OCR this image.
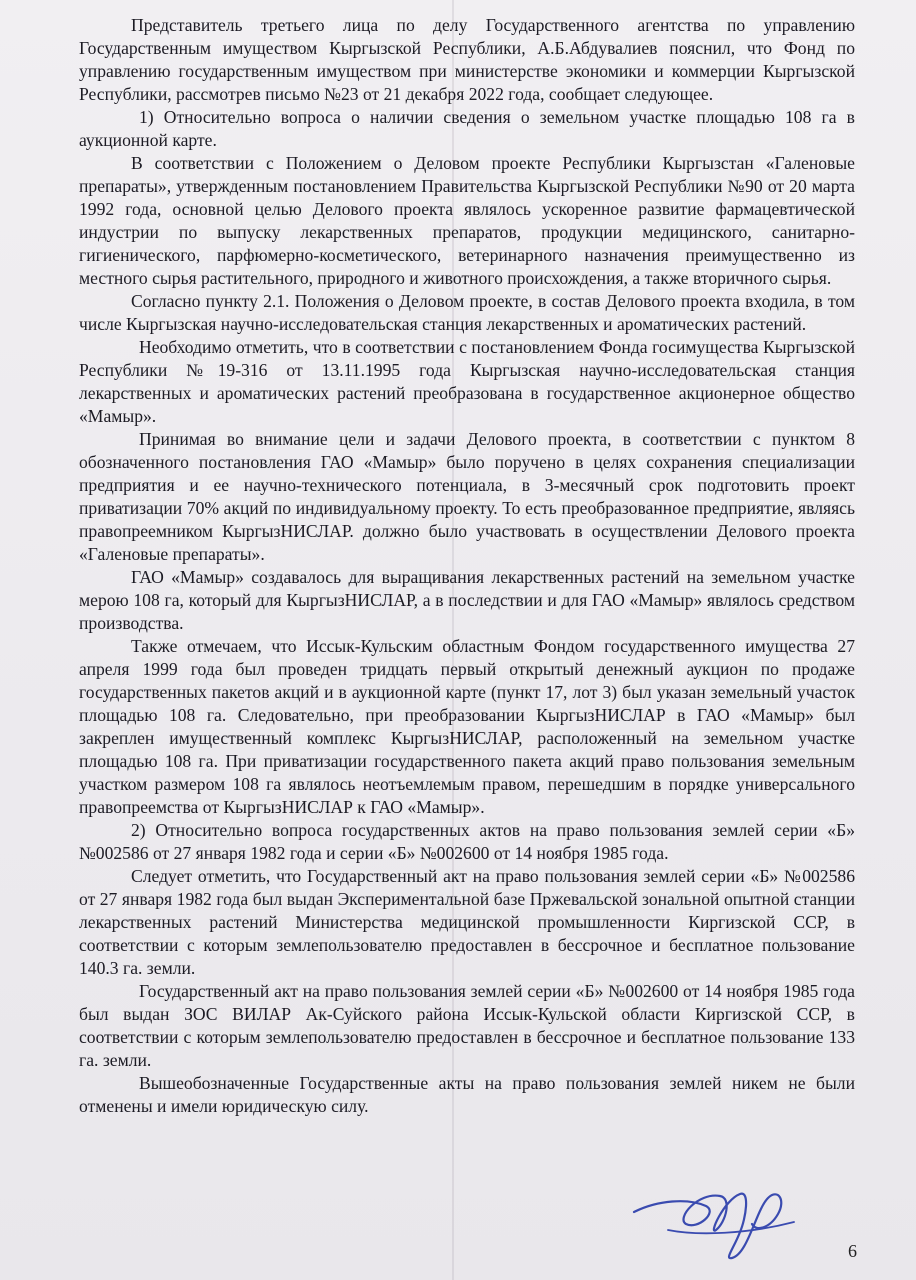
Представитель третьего лица по делу Государственного агентства по управлению Государственным имуществом Кыргызской Республики, А.Б.Абдувалиев пояснил, что Фонд по управлению государственным имуществом при министерстве экономики и коммерции Кыргызской Республики, рассмотрев письмо №23 от 21 декабря 2022 года, сообщает следующее.

1) Относительно вопроса о наличии сведения о земельном участке площадью 108 га в аукционной карте.

В соответствии с Положением о Деловом проекте Республики Кыргызстан «Галеновые препараты», утвержденным постановлением Правительства Кыргызской Республики №90 от 20 марта 1992 года, основной целью Делового проекта являлось ускоренное развитие фармацевтической индустрии по выпуску лекарственных препаратов, продукции медицинского, санитарно-гигиенического, парфюмерно-косметического, ветеринарного назначения преимущественно из местного сырья растительного, природного и животного происхождения, а также вторичного сырья.

Согласно пункту 2.1. Положения о Деловом проекте, в состав Делового проекта входила, в том числе Кыргызская научно-исследовательская станция лекарственных и ароматических растений.

Необходимо отметить, что в соответствии с постановлением Фонда госимущества Кыргызской Республики №19-316 от 13.11.1995 года Кыргызская научно-исследовательская станция лекарственных и ароматических растений преобразована в государственное акционерное общество «Мамыр».

Принимая во внимание цели и задачи Делового проекта, в соответствии с пунктом 8 обозначенного постановления ГАО «Мамыр» было поручено в целях сохранения специализации предприятия и ее научно-технического потенциала, в 3-месячный срок подготовить проект приватизации 70% акций по индивидуальному проекту. То есть преобразованное предприятие, являясь правопреемником КыргызНИСЛАР. должно было участвовать в осуществлении Делового проекта «Галеновые препараты».

ГАО «Мамыр» создавалось для выращивания лекарственных растений на земельном участке мерою 108 га, который для КыргызНИСЛАР, а в последствии и для ГАО «Мамыр» являлось средством производства.

Также отмечаем, что Иссык-Кульским областным Фондом государственного имущества 27 апреля 1999 года был проведен тридцать первый открытый денежный аукцион по продаже государственных пакетов акций и в аукционной карте (пункт 17, лот 3) был указан земельный участок площадью 108 га. Следовательно, при преобразовании КыргызНИСЛАР в ГАО «Мамыр» был закреплен имущественный комплекс КыргызНИСЛАР, расположенный на земельном участке площадью 108 га. При приватизации государственного пакета акций право пользования земельным участком размером 108 га являлось неотъемлемым правом, перешедшим в порядке универсального правопреемства от КыргызНИСЛАР к ГАО «Мамыр».

2) Относительно вопроса государственных актов на право пользования землей серии «Б» №002586 от 27 января 1982 года и серии «Б» №002600 от 14 ноября 1985 года.

Следует отметить, что Государственный акт на право пользования землей серии «Б» №002586 от 27 января 1982 года был выдан Экспериментальной базе Пржевальской зональной опытной станции лекарственных растений Министерства медицинской промышленности Киргизской ССР, в соответствии с которым землепользователю предоставлен в бессрочное и бесплатное пользование 140.3 га. земли.

Государственный акт на право пользования землей серии «Б» №002600 от 14 ноября 1985 года был выдан ЗОС ВИЛАР Ак-Суйского района Иссык-Кульской области Киргизской ССР, в соответствии с которым землепользователю предоставлен в бессрочное и бесплатное пользование 133 га. земли.

Вышеобозначенные Государственные акты на право пользования землей никем не были отменены и имели юридическую силу.

6
